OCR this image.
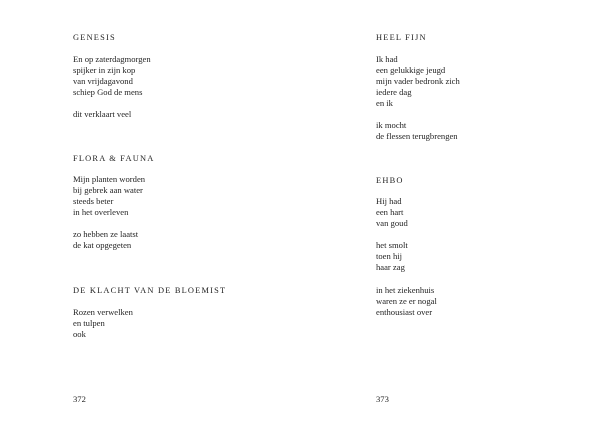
GENESIS
En op zaterdagmorgen
spijker in zijn kop
van vrijdagavond
schiep God de mens
dit verklaart veel
FLORA & FAUNA
Mijn planten worden
bij gebrek aan water
steeds beter
in het overleven
zo hebben ze laatst
de kat opgegeten
DE KLACHT VAN DE BLOEMIST
Rozen verwelken
en tulpen
ook
372
HEEL FIJN
Ik had
een gelukkige jeugd
mijn vader bedronk zich
iedere dag
en ik
ik mocht
de flessen terugbrengen
EHBO
Hij had
een hart
van goud
het smolt
toen hij
haar zag
in het ziekenhuis
waren ze er nogal
enthousiast over
373
